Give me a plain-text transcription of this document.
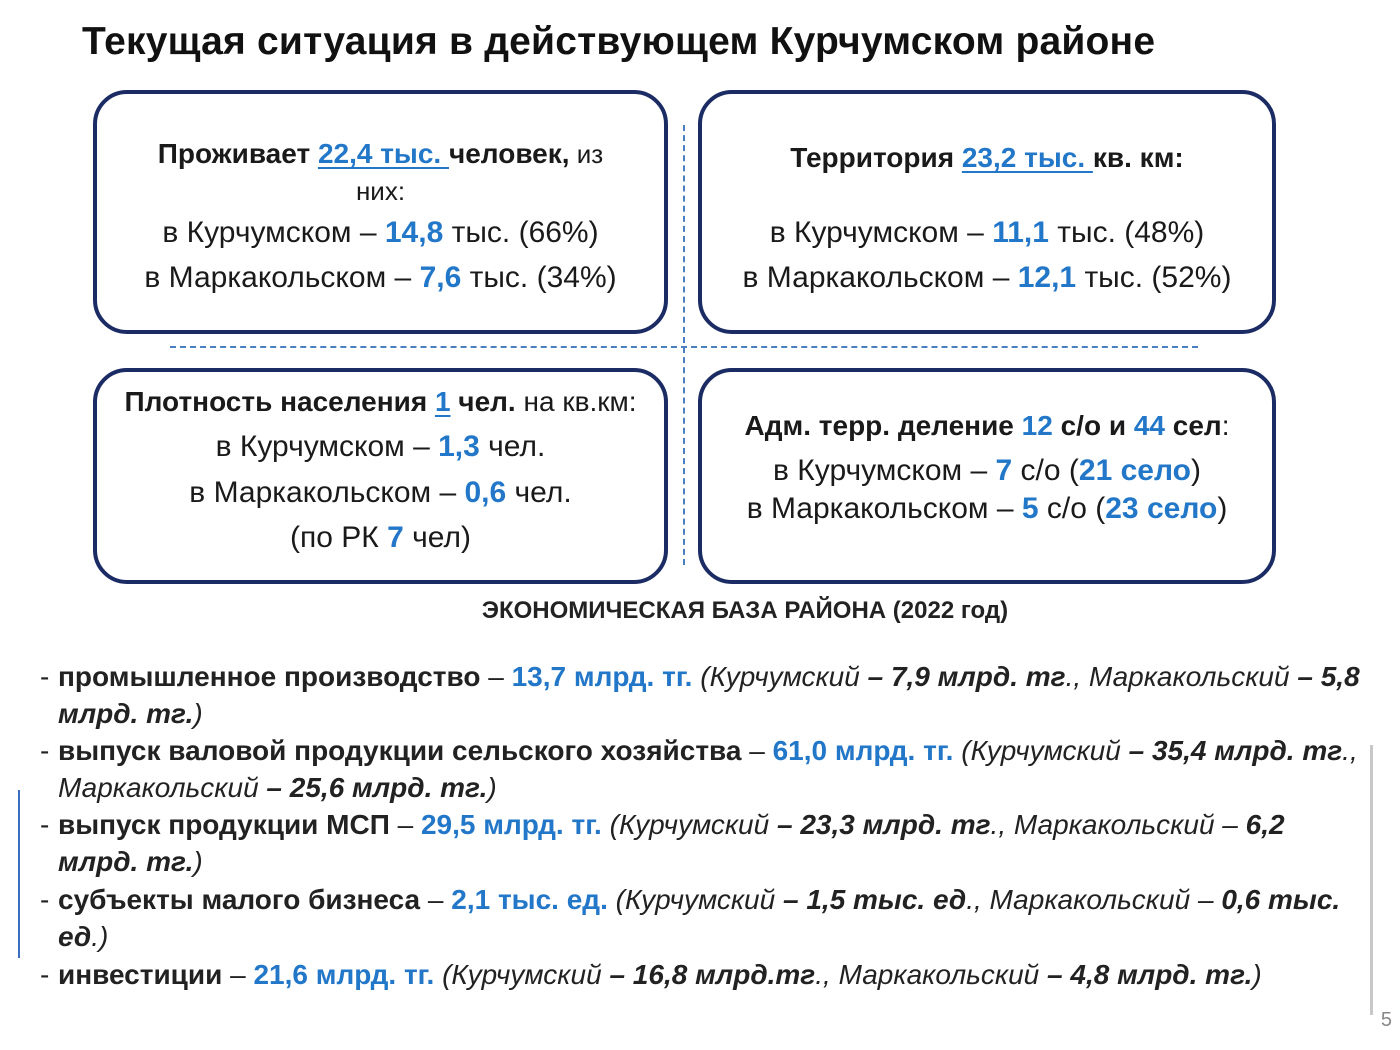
Текущая ситуация в действующем Курчумском районе
Проживает 22,4 тыс. человек, из
них:
в Курчумском – 14,8 тыс. (66%)
в Маркакольском – 7,6 тыс. (34%)
Территория 23,2 тыс. кв. км:
в Курчумском – 11,1 тыс. (48%)
в Маркакольском – 12,1 тыс. (52%)
Плотность населения 1 чел. на кв.км:
в Курчумском – 1,3 чел.
в Маркакольском – 0,6 чел.
(по РК 7 чел)
Адм. терр. деление 12 с/о и 44 сел:
в Курчумском – 7 с/о (21 село)
в Маркакольском – 5 с/о (23 село)
ЭКОНОМИЧЕСКАЯ БАЗА РАЙОНА (2022 год)
- промышленное производство – 13,7 млрд. тг. (Курчумский – 7,9 млрд. тг., Маркакольский – 5,8 млрд. тг.)
- выпуск валовой продукции сельского хозяйства – 61,0 млрд. тг. (Курчумский – 35,4 млрд. тг., Маркакольский – 25,6 млрд. тг.)
- выпуск продукции МСП – 29,5 млрд. тг. (Курчумский – 23,3 млрд. тг., Маркакольский – 6,2 млрд. тг.)
- субъекты малого бизнеса – 2,1 тыс. ед. (Курчумский – 1,5 тыс. ед., Маркакольский – 0,6 тыс. ед.)
- инвестиции – 21,6 млрд. тг. (Курчумский – 16,8 млрд.тг., Маркакольский – 4,8 млрд. тг.)
5
